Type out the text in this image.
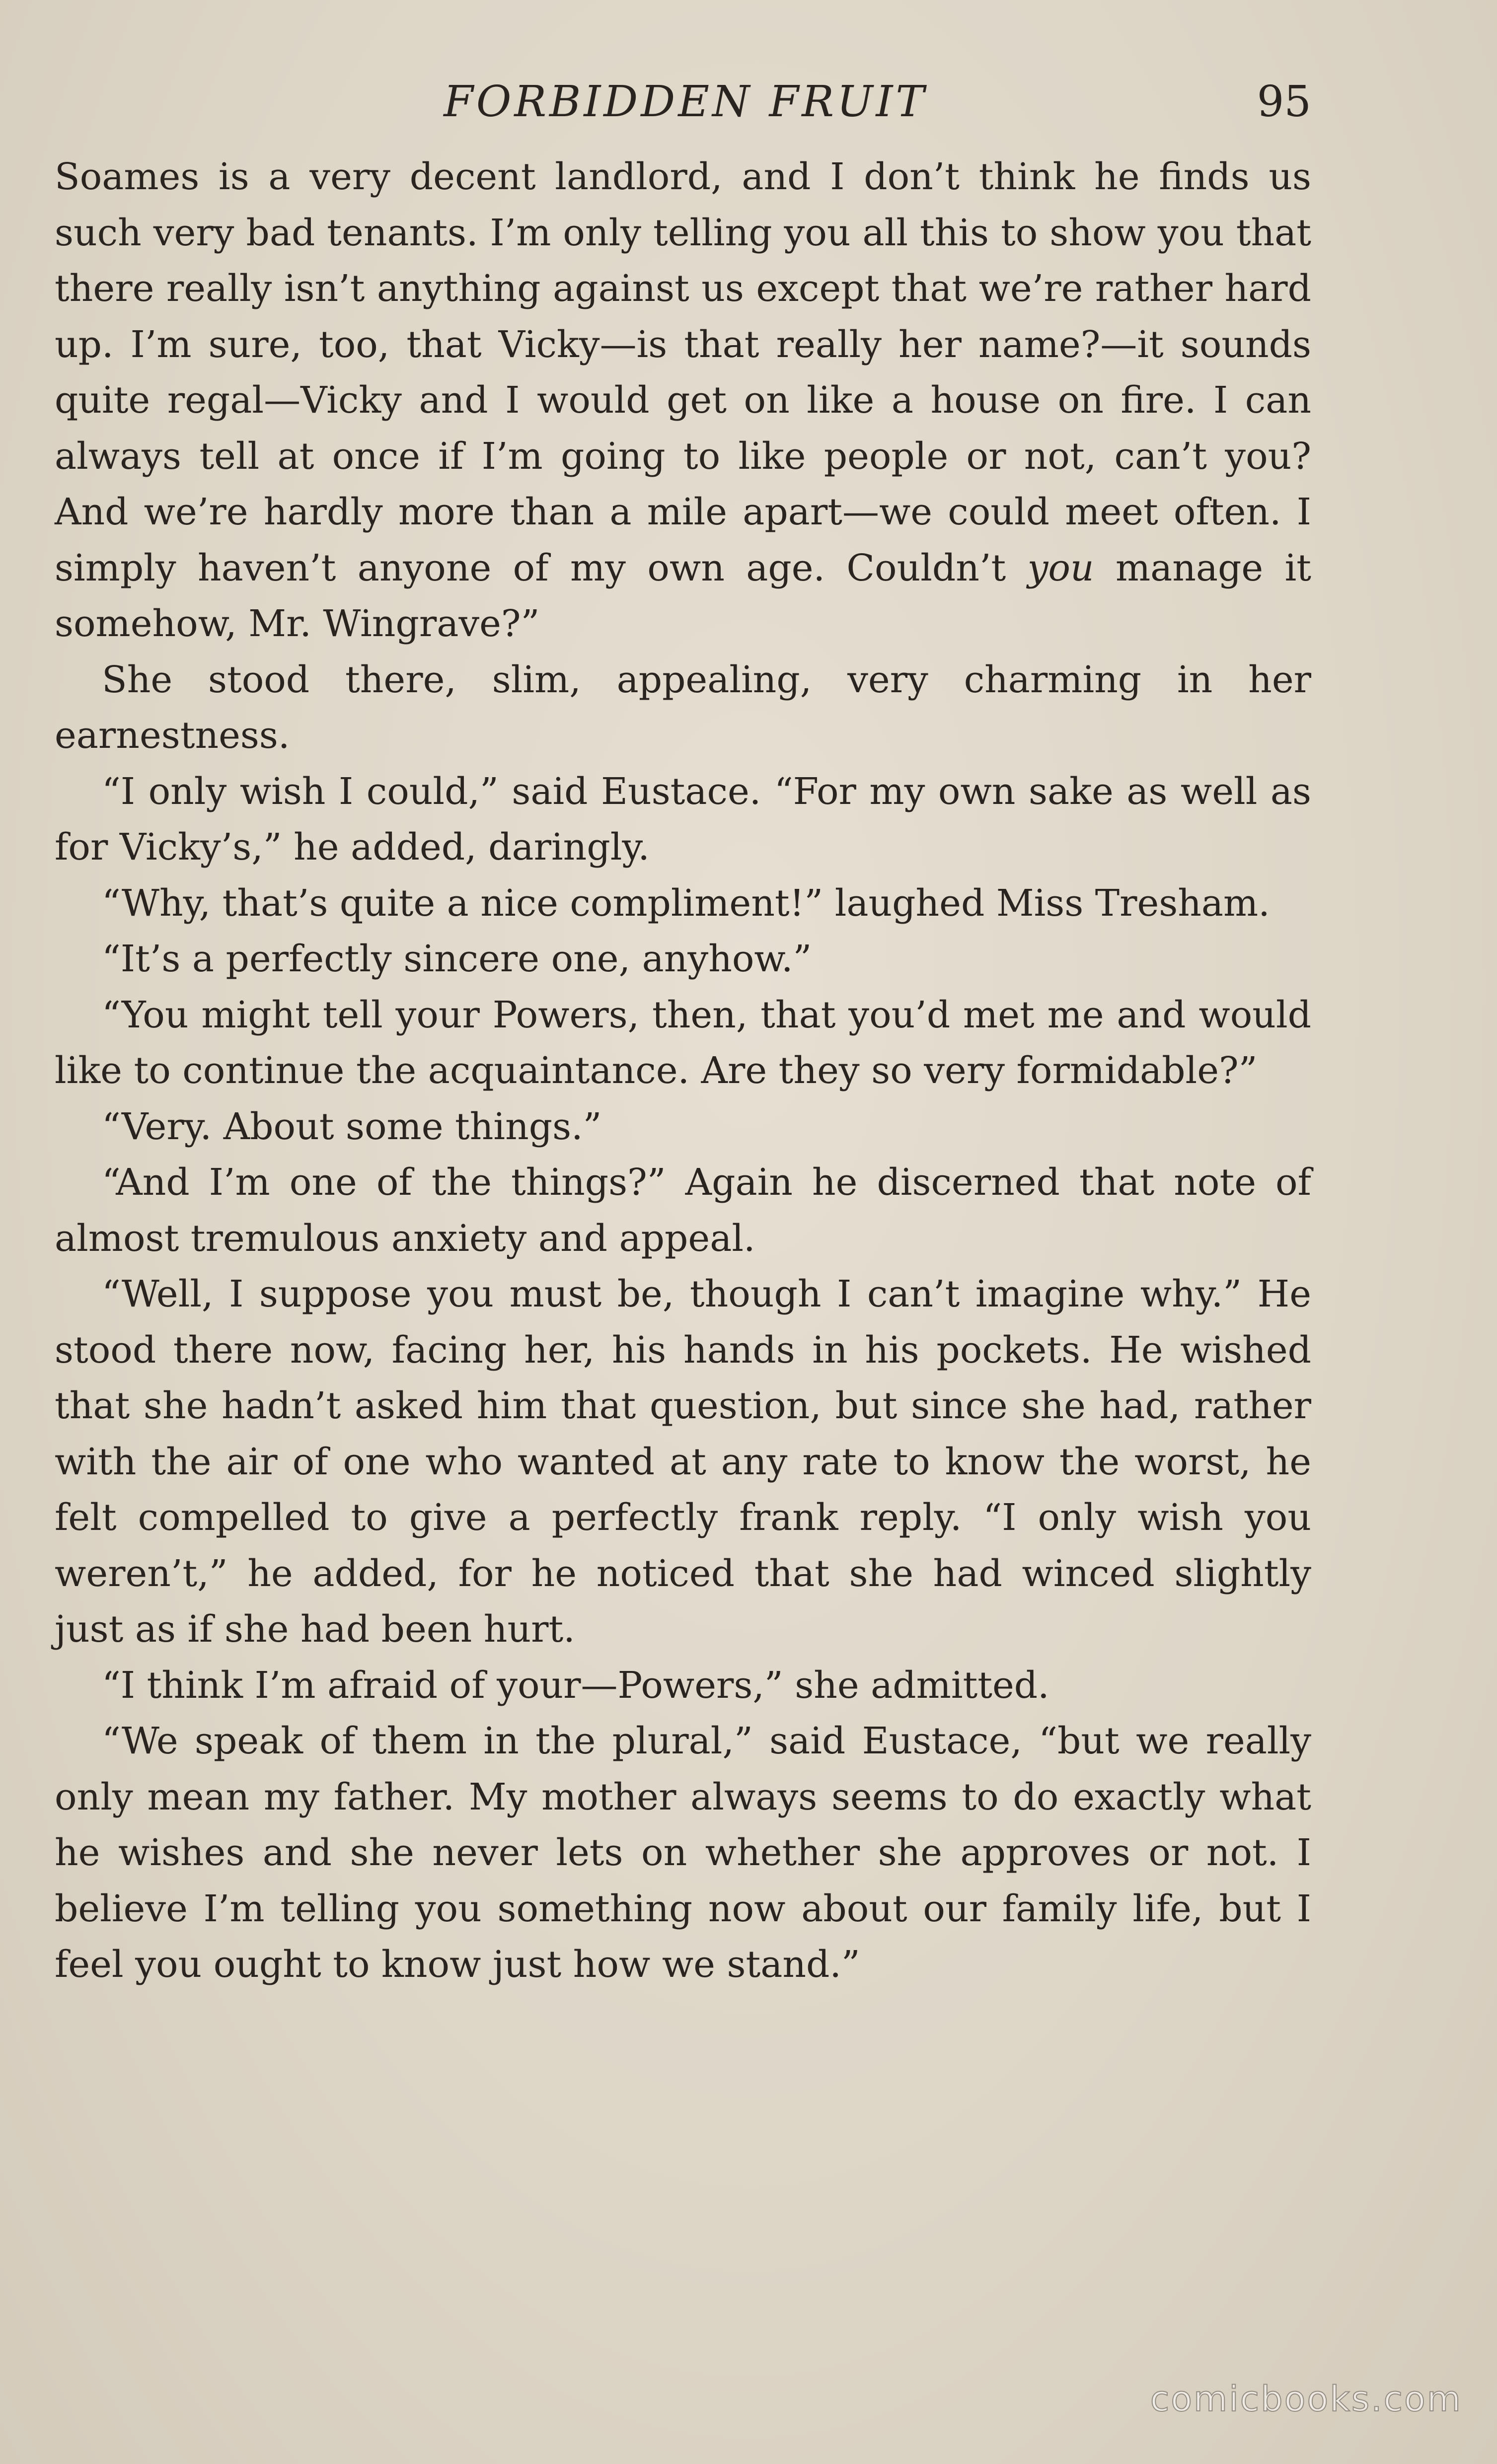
FORBIDDEN FRUIT	95

Soames is a very decent landlord, and I don’t think he finds us such very bad tenants. I’m only telling you all this to show you that there really isn’t anything against us except that we’re rather hard up. I’m sure, too, that Vicky—is that really her name?—it sounds quite regal—Vicky and I would get on like a house on fire. I can always tell at once if I’m going to like people or not, can’t you? And we’re hardly more than a mile apart—we could meet often. I simply haven’t anyone of my own age. Couldn’t you manage it somehow, Mr. Wingrave?”

She stood there, slim, appealing, very charming in her earnestness.

“I only wish I could,” said Eustace. “For my own sake as well as for Vicky’s,” he added, daringly.

“Why, that’s quite a nice compliment!” laughed Miss Tresham.

“It’s a perfectly sincere one, anyhow.”

“You might tell your Powers, then, that you’d met me and would like to continue the acquaintance. Are they so very formidable?”

“Very. About some things.”

“And I’m one of the things?” Again he discerned that note of almost tremulous anxiety and appeal.

“Well, I suppose you must be, though I can’t imagine why.” He stood there now, facing her, his hands in his pockets. He wished that she hadn’t asked him that question, but since she had, rather with the air of one who wanted at any rate to know the worst, he felt compelled to give a perfectly frank reply. “I only wish you weren’t,” he added, for he noticed that she had winced slightly just as if she had been hurt.

“I think I’m afraid of your—Powers,” she admitted.

“We speak of them in the plural,” said Eustace, “but we really only mean my father. My mother always seems to do exactly what he wishes and she never lets on whether she approves or not. I believe I’m telling you something now about our family life, but I feel you ought to know just how we stand.”

comicbooks.com
